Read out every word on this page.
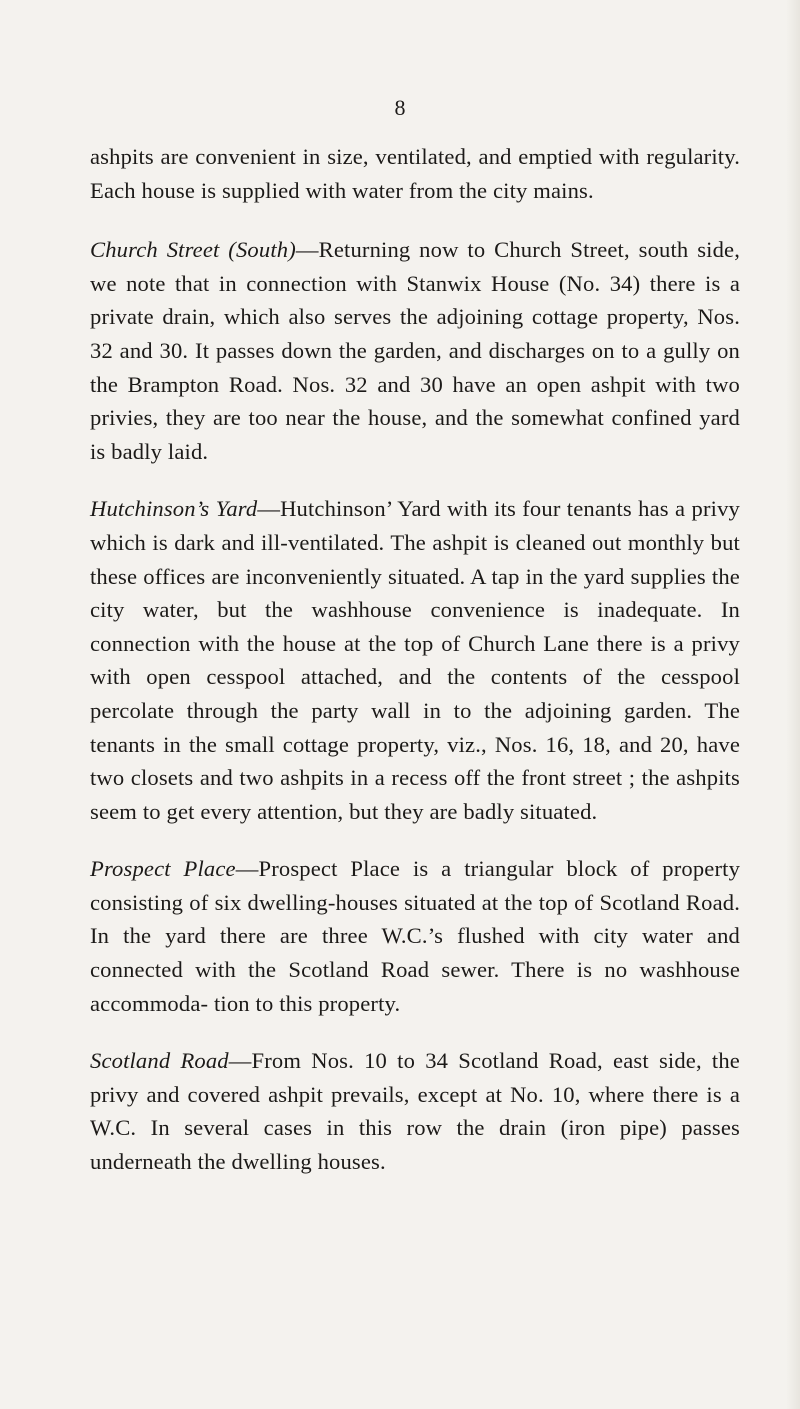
8

ashpits are convenient in size, ventilated, and emptied with regularity. Each house is supplied with water from the city mains.

Church Street (South)—Returning now to Church Street, south side, we note that in connection with Stanwix House (No. 34) there is a private drain, which also serves the adjoining cottage property, Nos. 32 and 30. It passes down the garden, and discharges on to a gully on the Brampton Road. Nos. 32 and 30 have an open ashpit with two privies, they are too near the house, and the somewhat confined yard is badly laid.

Hutchinson’s Yard—Hutchinson’ Yard with its four tenants has a privy which is dark and ill-ventilated. The ashpit is cleaned out monthly but these offices are inconveniently situated. A tap in the yard supplies the city water, but the washhouse convenience is inadequate. In connection with the house at the top of Church Lane there is a privy with open cesspool attached, and the contents of the cesspool percolate through the party wall in to the adjoining garden. The tenants in the small cottage property, viz., Nos. 16, 18, and 20, have two closets and two ashpits in a recess off the front street ; the ashpits seem to get every attention, but they are badly situated.

Prospect Place—Prospect Place is a triangular block of property consisting of six dwelling-houses situated at the top of Scotland Road. In the yard there are three W.C.’s flushed with city water and connected with the Scotland Road sewer. There is no washhouse accommoda- tion to this property.

Scotland Road—From Nos. 10 to 34 Scotland Road, east side, the privy and covered ashpit prevails, except at No. 10, where there is a W.C. In several cases in this row the drain (iron pipe) passes underneath the dwelling houses.
